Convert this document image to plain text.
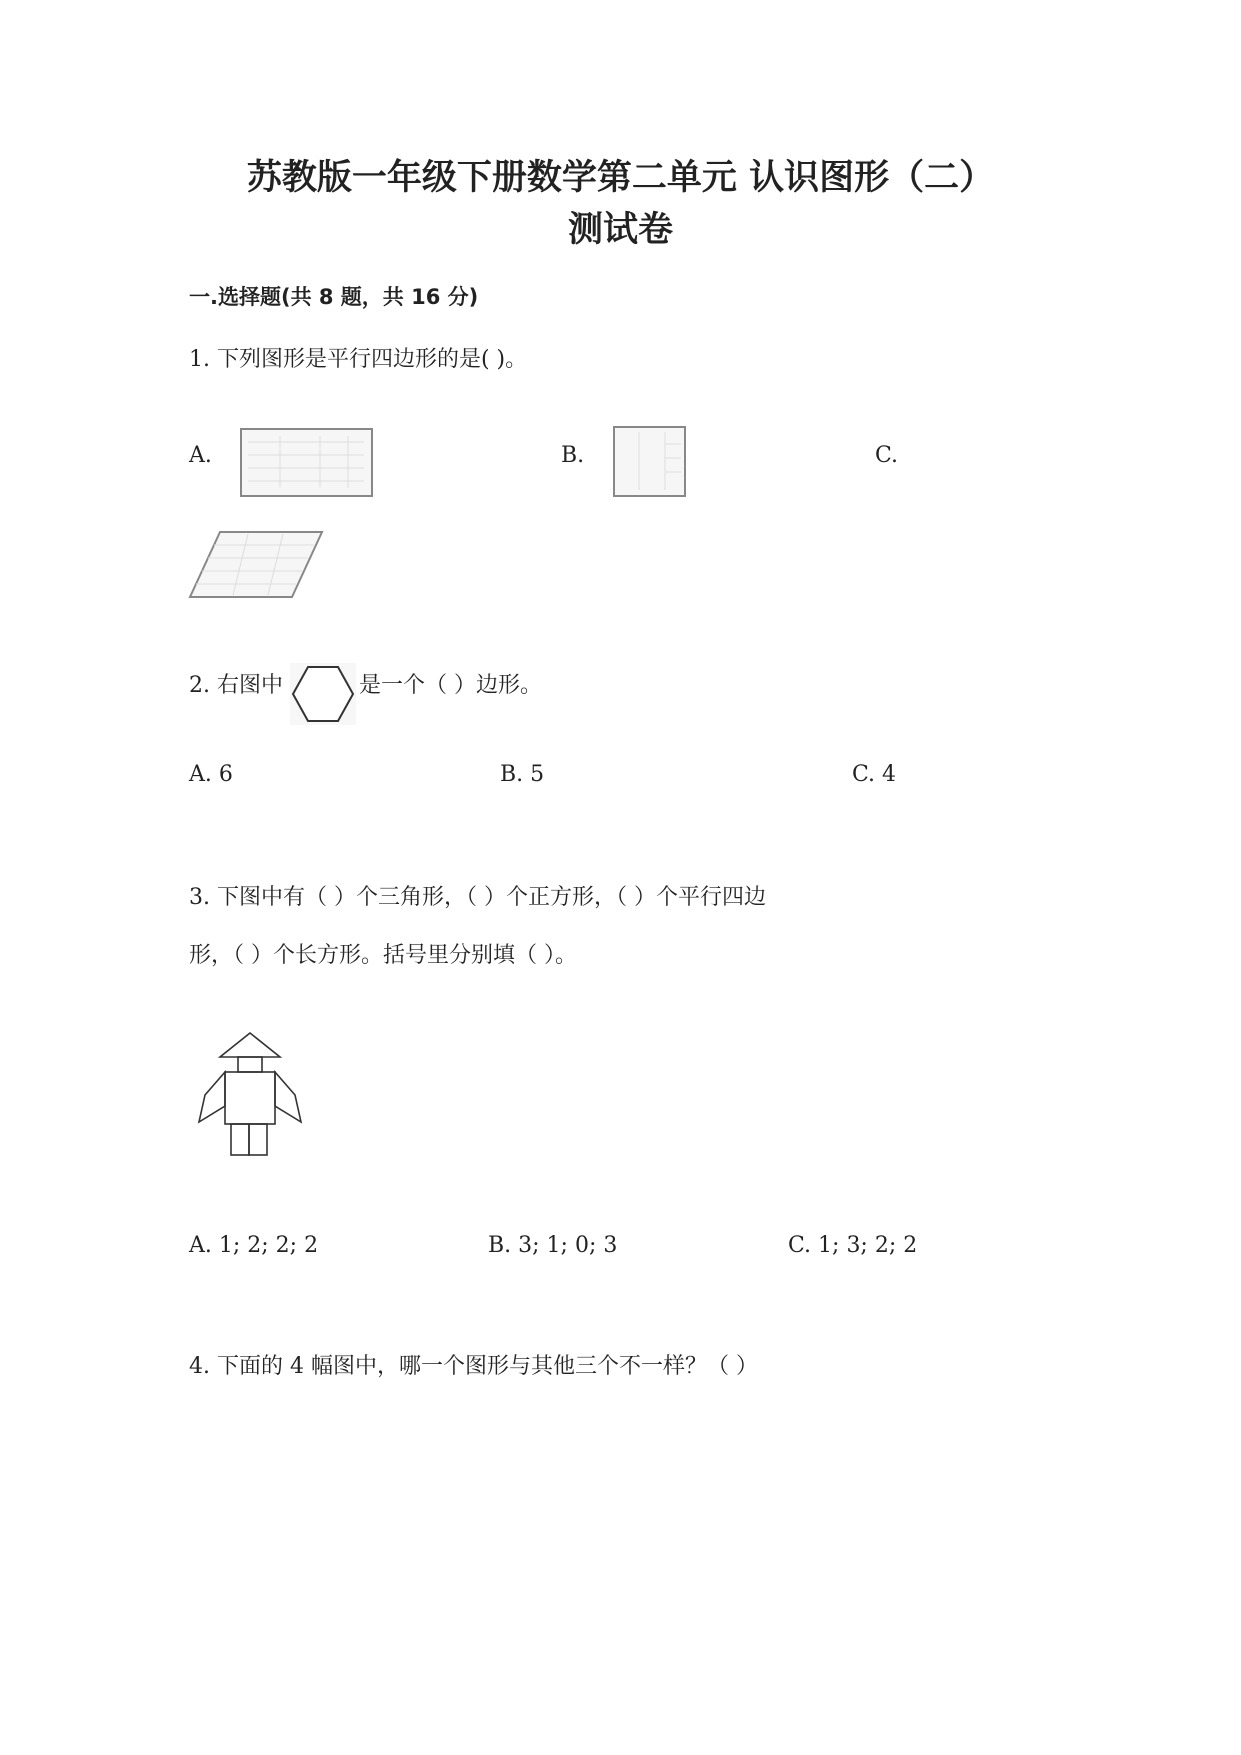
苏教版一年级下册数学第二单元 认识图形（二）
测试卷
一.选择题(共 8 题，共 16 分)
1. 下列图形是平行四边形的是( )。
A.	B.	C.
2. 右图中	是一个（ ）边形。
A. 6	B. 5	C. 4
3. 下图中有（ ）个三角形，（ ）个正方形，（ ）个平行四边
形，（ ）个长方形。括号里分别填（ ）。
A. 1; 2; 2; 2	B. 3; 1; 0; 3	C. 1; 3; 2; 2
4. 下面的 4 幅图中，哪一个图形与其他三个不一样？（ ）
